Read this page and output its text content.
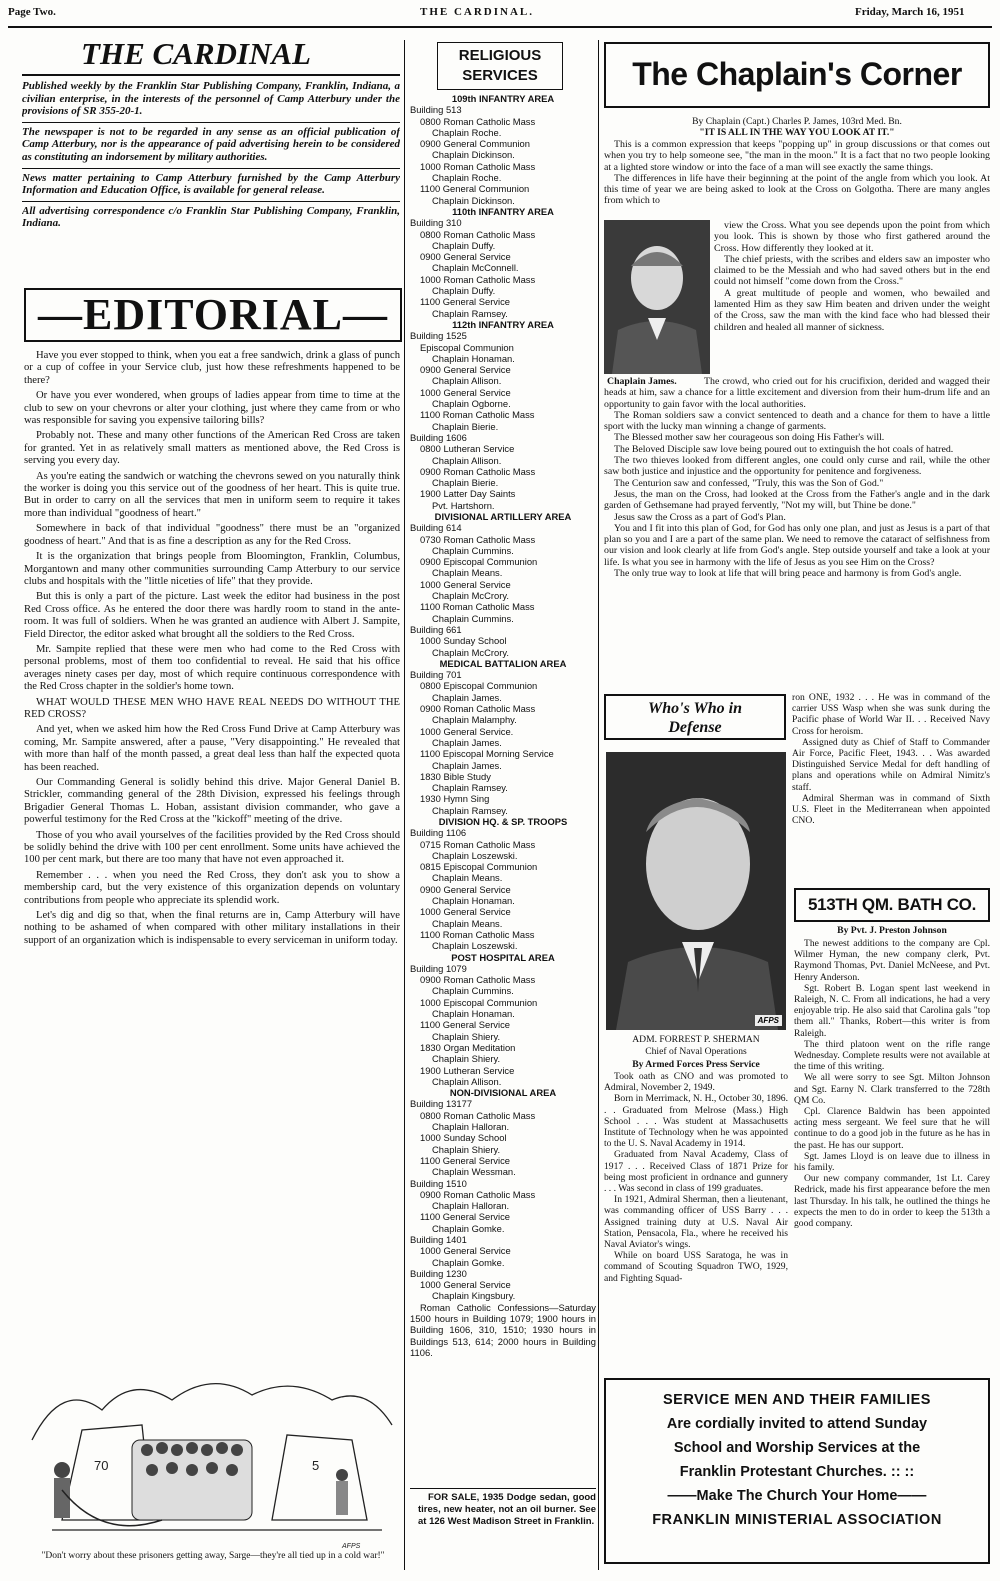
Page Two.	THE CARDINAL.	Friday, March 16, 1951
THE CARDINAL
Published weekly by the Franklin Star Publishing Company, Franklin, Indiana, a civilian enterprise, in the interests of the personnel of Camp Atterbury under the provisions of SR 355-20-1.
The newspaper is not to be regarded in any sense as an official publication of Camp Atterbury, nor is the appearance of paid advertising herein to be considered as constituting an indorsement by military authorities.
News matter pertaining to Camp Atterbury furnished by the Camp Atterbury Information and Education Office, is available for general release.
All advertising correspondence c/o Franklin Star Publishing Company, Franklin, Indiana.
—EDITORIAL—

Have you ever stopped to think, when you eat a free sandwich, drink a glass of punch or a cup of coffee in your Service club, just how these refreshments happened to be there?

Or have you ever wondered, when groups of ladies appear from time to time at the club to sew on your chevrons or alter your clothing, just where they came from or who was responsible for saving you expensive tailoring bills?

Probably not. These and many other functions of the American Red Cross are taken for granted. Yet in as relatively small matters as mentioned above, the Red Cross is serving you every day.

As you're eating the sandwich or watching the chevrons sewed on you naturally think the worker is doing you this service out of the goodness of her heart. This is quite true. But in order to carry on all the services that men in uniform seem to require it takes more than individual "goodness of heart."

Somewhere in back of that individual "goodness" there must be an "organized goodness of heart." And that is as fine a description as any for the Red Cross.

It is the organization that brings people from Bloomington, Franklin, Columbus, Morgantown and many other communities surrounding Camp Atterbury to our service clubs and hospitals with the "little niceties of life" that they provide.

But this is only a part of the picture. Last week the editor had business in the post Red Cross office. As he entered the door there was hardly room to stand in the ante-room. It was full of soldiers. When he was granted an audience with Albert J. Sampite, Field Director, the editor asked what brought all the soldiers to the Red Cross.

Mr. Sampite replied that these were men who had come to the Red Cross with personal problems, most of them too confidential to reveal. He said that his office averages ninety cases per day, most of which require continuous correspondence with the Red Cross chapter in the soldier's home town.

WHAT WOULD THESE MEN WHO HAVE REAL NEEDS DO WITHOUT THE RED CROSS?

And yet, when we asked him how the Red Cross Fund Drive at Camp Atterbury was coming, Mr. Sampite answered, after a pause, "Very disappointing." He revealed that with more than half of the month passed, a great deal less than half the expected quota has been reached.

Our Commanding General is solidly behind this drive. Major General Daniel B. Strickler, commanding general of the 28th Division, expressed his feelings through Brigadier General Thomas L. Hoban, assistant division commander, who gave a powerful testimony for the Red Cross at the "kickoff" meeting of the drive.

Those of you who avail yourselves of the facilities provided by the Red Cross should be solidly behind the drive with 100 per cent enrollment. Some units have achieved the 100 per cent mark, but there are too many that have not even approached it.

Remember . . . when you need the Red Cross, they don't ask you to show a membership card, but the very existence of this organization depends on voluntary contributions from people who appreciate its splendid work.

Let's dig and dig so that, when the final returns are in, Camp Atterbury will have nothing to be ashamed of when compared with other military installations in their support of an organization which is indispensable to every serviceman in uniform today.

70	5
AFPS
"Don't worry about these prisoners getting away, Sarge—they're all tied up in a cold war!"
RELIGIOUS SERVICES
109th INFANTRY AREA
Building 513
0800 Roman Catholic Mass
Chaplain Roche.
0900 General Communion
Chaplain Dickinson.
1000 Roman Catholic Mass
Chaplain Roche.
1100 General Communion
Chaplain Dickinson.
110th INFANTRY AREA
Building 310
0800 Roman Catholic Mass
Chaplain Duffy.
0900 General Service
Chaplain McConnell.
1000 Roman Catholic Mass
Chaplain Duffy.
1100 General Service
Chaplain Ramsey.
112th INFANTRY AREA
Building 1525
Episcopal Communion
Chaplain Honaman.
0900 General Service
Chaplain Allison.
1000 General Service
Chaplain Ogborne.
1100 Roman Catholic Mass
Chaplain Bierie.
Building 1606
0800 Lutheran Service
Chaplain Allison.
0900 Roman Catholic Mass
Chaplain Bierie.
1900 Latter Day Saints
Pvt. Hartshorn.
DIVISIONAL ARTILLERY AREA
Building 614
0730 Roman Catholic Mass
Chaplain Cummins.
0900 Episcopal Communion
Chaplain Means.
1000 General Service
Chaplain McCrory.
1100 Roman Catholic Mass
Chaplain Cummins.
Building 661
1000 Sunday School
Chaplain McCrory.
MEDICAL BATTALION AREA
Building 701
0800 Episcopal Communion
Chaplain James.
0900 Roman Catholic Mass
Chaplain Malamphy.
1000 General Service.
Chaplain James.
1100 Episcopal Morning Service
Chaplain James.
1830 Bible Study
Chaplain Ramsey.
1930 Hymn Sing
Chaplain Ramsey.
DIVISION HQ. & SP. TROOPS
Building 1106
0715 Roman Catholic Mass
Chaplain Loszewski.
0815 Episcopal Communion
Chaplain Means.
0900 General Service
Chaplain Honaman.
1000 General Service
Chaplain Means.
1100 Roman Catholic Mass
Chaplain Loszewski.
POST HOSPITAL AREA
Building 1079
0900 Roman Catholic Mass
Chaplain Cummins.
1000 Episcopal Communion
Chaplain Honaman.
1100 General Service
Chaplain Shiery.
1830 Organ Meditation
Chaplain Shiery.
1900 Lutheran Service
Chaplain Allison.
NON-DIVISIONAL AREA
Building 13177
0800 Roman Catholic Mass
Chaplain Halloran.
1000 Sunday School
Chaplain Shiery.
1100 General Service
Chaplain Wessman.
Building 1510
0900 Roman Catholic Mass
Chaplain Halloran.
1100 General Service
Chaplain Gomke.
Building 1401
1000 General Service
Chaplain Gomke.
Building 1230
1000 General Service
Chaplain Kingsbury.
Roman Catholic Confessions—Saturday 1500 hours in Building 1079; 1900 hours in Building 1606, 310, 1510; 1930 hours in Buildings 513, 614; 2000 hours in Building 1106.
FOR SALE, 1935 Dodge sedan, good tires, new heater, not an oil burner. See at 126 West Madison Street in Franklin.
The Chaplain's Corner
By Chaplain (Capt.) Charles P. James, 103rd Med. Bn.
"IT IS ALL IN THE WAY YOU LOOK AT IT."

This is a common expression that keeps "popping up" in group discussions or that comes out when you try to help someone see, "the man in the moon." It is a fact that no two people looking at a lighted store window or into the face of a man will see exactly the same things.

The differences in life have their beginning at the point of the angle from which you look. At this time of year we are being asked to look at the Cross on Golgotha. There are many angles from which to

view the Cross. What you see depends upon the point from which you look. This is shown by those who first gathered around the Cross. How differently they looked at it.

The chief priests, with the scribes and elders saw an imposter who claimed to be the Messiah and who had saved others but in the end could not himself "come down from the Cross."

A great multitude of people and women, who bewailed and lamented Him as they saw Him beaten and driven under the weight of the Cross, saw the man with the kind face who had blessed their children and healed all manner of sickness.

Chaplain James.	The crowd, who cried out for his crucifixion, derided and wagged their heads at him, saw a chance for a little excitement and diversion from their hum-drum life and an opportunity to gain favor with the local authorities.

The Roman soldiers saw a convict sentenced to death and a chance for them to have a little sport with the lucky man winning a change of garments.

The Blessed mother saw her courageous son doing His Father's will.

The Beloved Disciple saw love being poured out to extinguish the hot coals of hatred.

The two thieves looked from different angles, one could only curse and rail, while the other saw both justice and injustice and the opportunity for penitence and forgiveness.

The Centurion saw and confessed, "Truly, this was the Son of God."

Jesus, the man on the Cross, had looked at the Cross from the Father's angle and in the dark garden of Gethsemane had prayed fervently, "Not my will, but Thine be done."

Jesus saw the Cross as a part of God's Plan.

You and I fit into this plan of God, for God has only one plan, and just as Jesus is a part of that plan so you and I are a part of the same plan. We need to remove the cataract of selfishness from our vision and look clearly at life from God's angle. Step outside yourself and take a look at your life. Is what you see in harmony with the life of Jesus as you see Him on the Cross?

The only true way to look at life that will bring peace and harmony is from God's angle.

Who's Who in Defense
AFPS
ADM. FORREST P. SHERMAN
Chief of Naval Operations
By Armed Forces Press Service

Took oath as CNO and was promoted to Admiral, November 2, 1949.

Born in Merrimack, N. H., October 30, 1896. . . Graduated from Melrose (Mass.) High School . . . Was student at Massachusetts Institute of Technology when he was appointed to the U. S. Naval Academy in 1914.

Graduated from Naval Academy, Class of 1917 . . . Received Class of 1871 Prize for being most proficient in ordnance and gunnery . . . Was second in class of 199 graduates.

In 1921, Admiral Sherman, then a lieutenant, was commanding officer of USS Barry . . . Assigned training duty at U.S. Naval Air Station, Pensacola, Fla., where he received his Naval Aviator's wings.

While on board USS Saratoga, he was in command of Scouting Squadron TWO, 1929, and Fighting Squad-

ron ONE, 1932 . . . He was in command of the carrier USS Wasp when she was sunk during the Pacific phase of World War II. . . Received Navy Cross for heroism.

Assigned duty as Chief of Staff to Commander Air Force, Pacific Fleet, 1943. . . Was awarded Distinguished Service Medal for deft handling of plans and operations while on Admiral Nimitz's staff.

Admiral Sherman was in command of Sixth U.S. Fleet in the Mediterranean when appointed CNO.

513TH QM. BATH CO.
By Pvt. J. Preston Johnson

The newest additions to the company are Cpl. Wilmer Hyman, the new company clerk, Pvt. Raymond Thomas, Pvt. Daniel McNeese, and Pvt. Henry Anderson.

Sgt. Robert B. Logan spent last weekend in Raleigh, N. C. From all indications, he had a very enjoyable trip. He also said that Carolina gals "top them all." Thanks, Robert—this writer is from Raleigh.

The third platoon went on the rifle range Wednesday. Complete results were not available at the time of this writing.

We all were sorry to see Sgt. Milton Johnson and Sgt. Earny N. Clark transferred to the 728th QM Co.

Cpl. Clarence Baldwin has been appointed acting mess sergeant. We feel sure that he will continue to do a good job in the future as he has in the past. He has our support.

Sgt. James Lloyd is on leave due to illness in his family.

Our new company commander, 1st Lt. Carey Redrick, made his first appearance before the men last Thursday. In his talk, he outlined the things he expects the men to do in order to keep the 513th a good company.

SERVICE MEN AND THEIR FAMILIES
Are cordially invited to attend Sunday
School and Worship Services at the
Franklin Protestant Churches. :: ::
——Make The Church Your Home——
FRANKLIN MINISTERIAL ASSOCIATION
